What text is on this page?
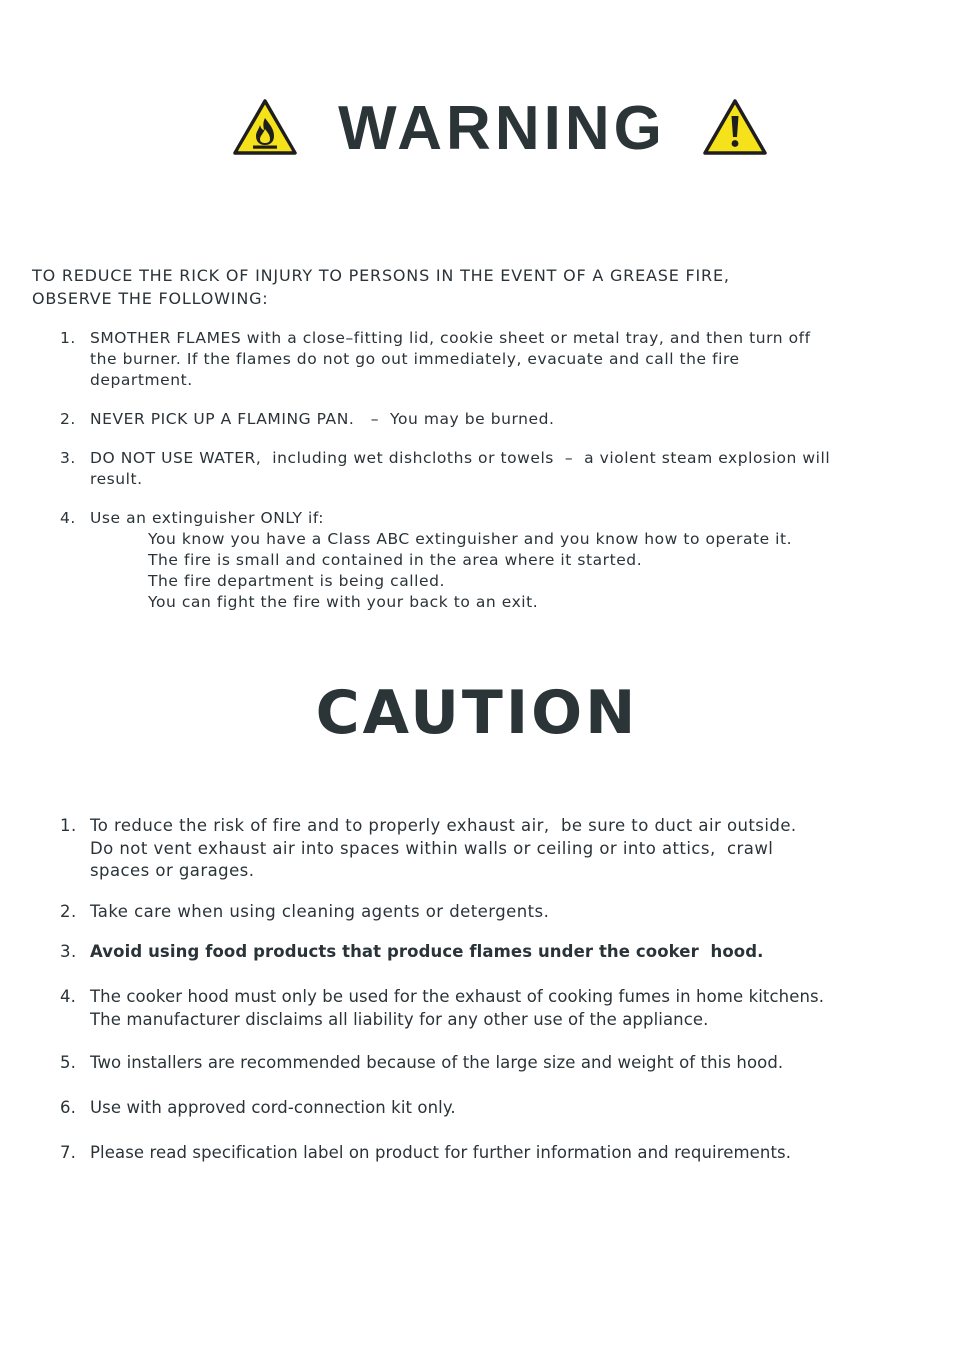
WARNING

TO REDUCE THE RICK OF INJURY TO PERSONS IN THE EVENT OF A GREASE FIRE,

OBSERVE THE FOLLOWING:

1. SMOTHER FLAMES with a close–fitting lid, cookie sheet or metal tray, and then turn off
the burner. If the flames do not go out immediately, evacuate and call the fire
department.
2. NEVER PICK UP A FLAMING PAN.   –  You may be burned.
3. DO NOT USE WATER,  including wet dishcloths or towels  –  a violent steam explosion will
result.
4. Use an extinguisher ONLY if:
You know you have a Class ABC extinguisher and you know how to operate it.
The fire is small and contained in the area where it started.
The fire department is being called.
You can fight the fire with your back to an exit.
CAUTION
1. To reduce the risk of fire and to properly exhaust air,  be sure to duct air outside.
Do not vent exhaust air into spaces within walls or ceiling or into attics,  crawl
spaces or garages.
2. Take care when using cleaning agents or detergents.
3. Avoid using food products that produce flames under the cooker  hood.
4. The cooker hood must only be used for the exhaust of cooking fumes in home kitchens.
The manufacturer disclaims all liability for any other use of the appliance.
5. Two installers are recommended because of the large size and weight of this hood.
6. Use with approved cord-connection kit only.
7. Please read specification label on product for further information and requirements.
